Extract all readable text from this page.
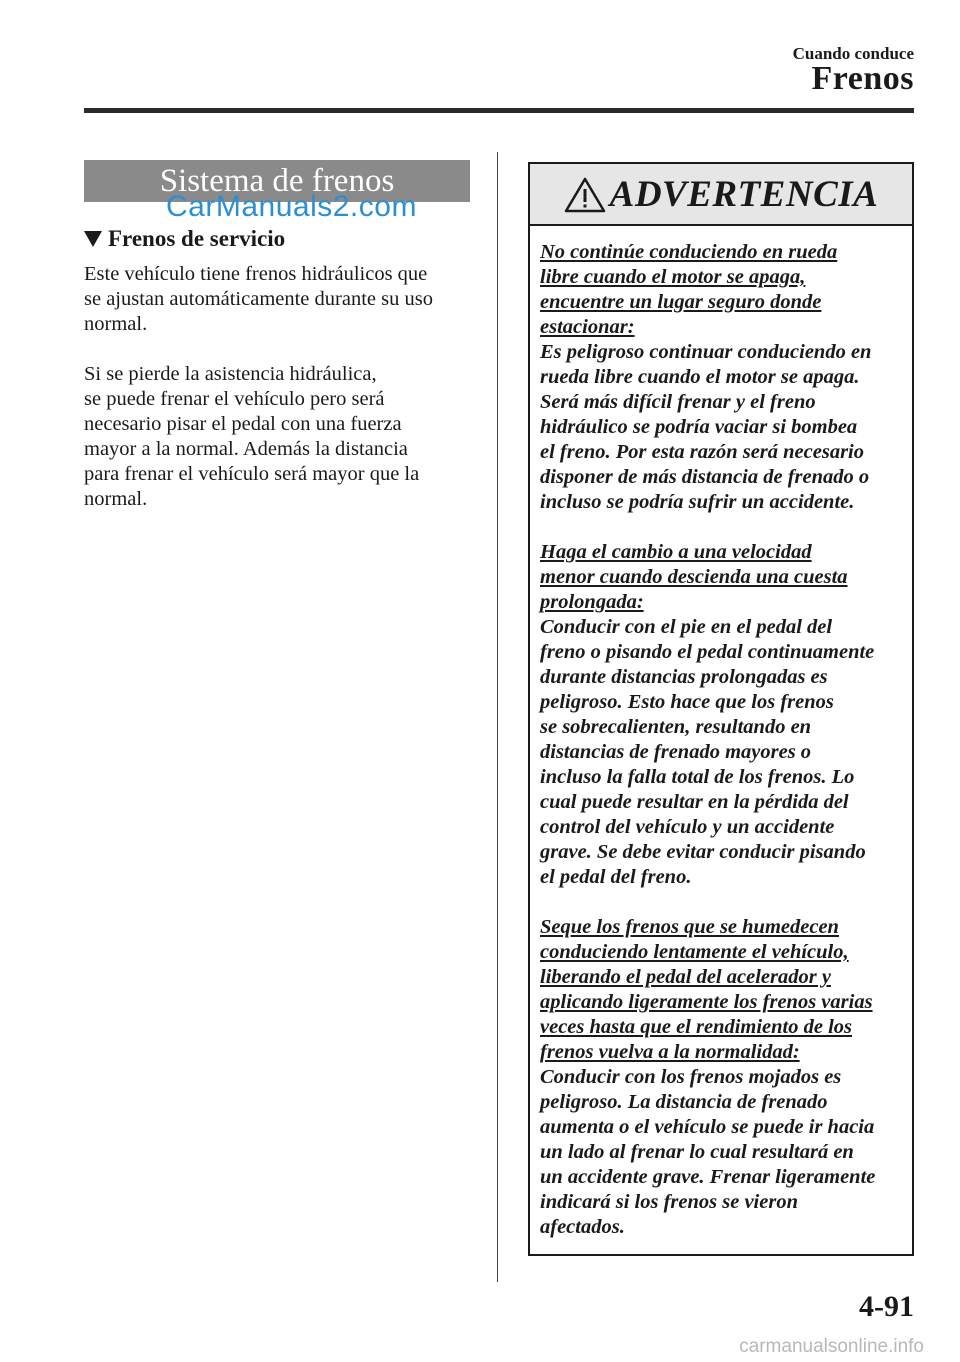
Cuando conduce
Frenos
Sistema de frenos
CarManuals2.com
Frenos de servicio

Este vehículo tiene frenos hidráulicos que
se ajustan automáticamente durante su uso
normal.

Si se pierde la asistencia hidráulica,
se puede frenar el vehículo pero será
necesario pisar el pedal con una fuerza
mayor a la normal. Además la distancia
para frenar el vehículo será mayor que la
normal.

ADVERTENCIA
No continúe conduciendo en rueda
libre cuando el motor se apaga,
encuentre un lugar seguro donde
estacionar:
Es peligroso continuar conduciendo en
rueda libre cuando el motor se apaga.
Será más difícil frenar y el freno
hidráulico se podría vaciar si bombea
el freno. Por esta razón será necesario
disponer de más distancia de frenado o
incluso se podría sufrir un accidente.
Haga el cambio a una velocidad
menor cuando descienda una cuesta
prolongada:
Conducir con el pie en el pedal del
freno o pisando el pedal continuamente
durante distancias prolongadas es
peligroso. Esto hace que los frenos
se sobrecalienten, resultando en
distancias de frenado mayores o
incluso la falla total de los frenos. Lo
cual puede resultar en la pérdida del
control del vehículo y un accidente
grave. Se debe evitar conducir pisando
el pedal del freno.
Seque los frenos que se humedecen
conduciendo lentamente el vehículo,
liberando el pedal del acelerador y
aplicando ligeramente los frenos varias
veces hasta que el rendimiento de los
frenos vuelva a la normalidad:
Conducir con los frenos mojados es
peligroso. La distancia de frenado
aumenta o el vehículo se puede ir hacia
un lado al frenar lo cual resultará en
un accidente grave. Frenar ligeramente
indicará si los frenos se vieron
afectados.
4-91
carmanualsonline.info
